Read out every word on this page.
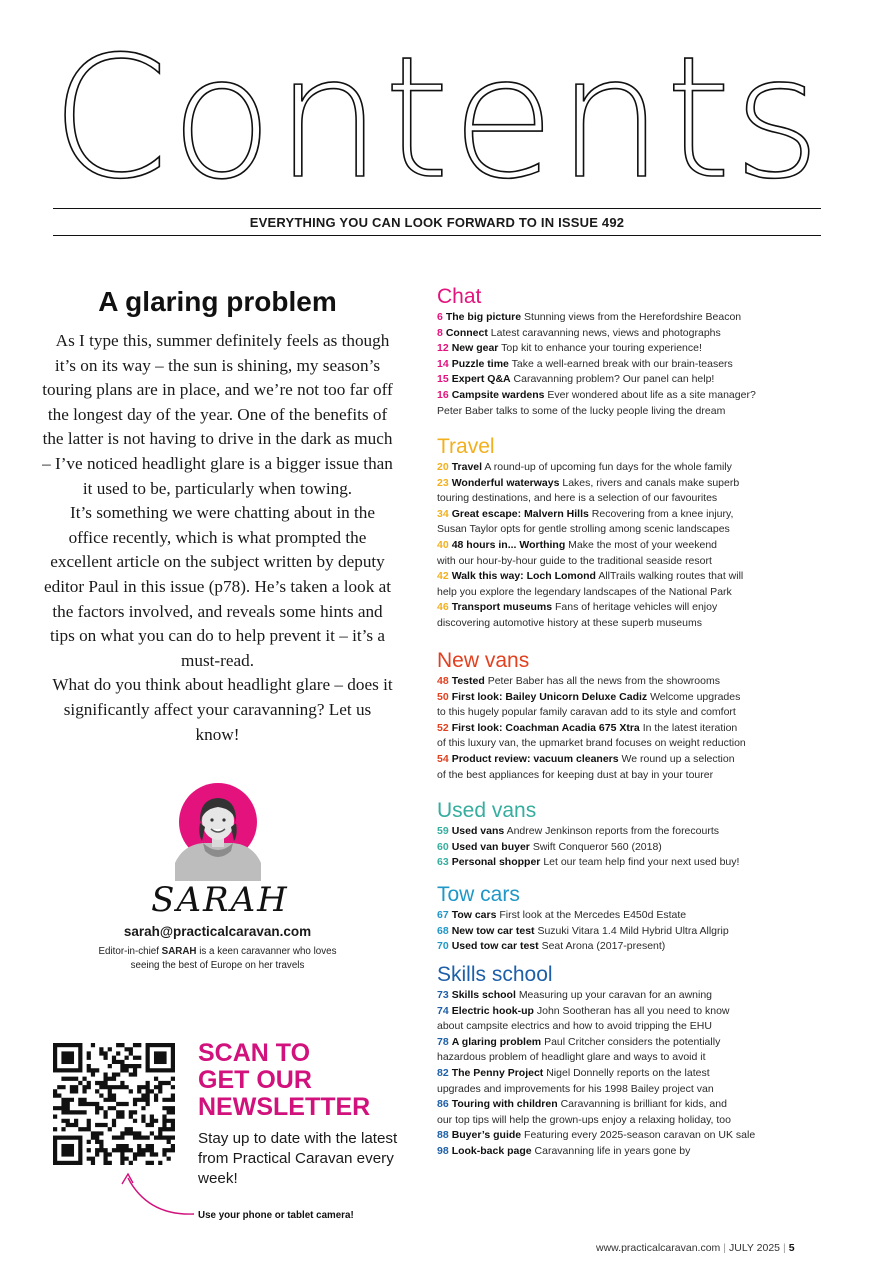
Contents
EVERYTHING YOU CAN LOOK FORWARD TO IN ISSUE 492
A glaring problem

As I type this, summer definitely feels as though it’s on its way – the sun is shining, my season’s touring plans are in place, and we’re not too far off the longest day of the year. One of the benefits of the latter is not having to drive in the dark as much – I’ve noticed headlight glare is a bigger issue than it used to be, particularly when towing.

It’s something we were chatting about in the office recently, which is what prompted the excellent article on the subject written by deputy editor Paul in this issue (p78). He’s taken a look at the factors involved, and reveals some hints and tips on what you can do to help prevent it – it’s a must-read.

What do you think about headlight glare – does it significantly affect your caravanning? Let us know!

SARAH
sarah@practicalcaravan.com
Editor-in-chief SARAH is a keen caravanner who loves seeing the best of Europe on her travels
SCAN TO
GET OUR
NEWSLETTER
Stay up to date with the latest from Practical Caravan every week!
Use your phone or tablet camera!
Chat
6 The big picture Stunning views from the Herefordshire Beacon
8 Connect Latest caravanning news, views and photographs
12 New gear Top kit to enhance your touring experience!
14 Puzzle time Take a well-earned break with our brain-teasers
15 Expert Q&A Caravanning problem? Our panel can help!
16 Campsite wardens Ever wondered about life as a site manager?
Peter Baber talks to some of the lucky people living the dream
Travel
20 Travel A round-up of upcoming fun days for the whole family
23 Wonderful waterways Lakes, rivers and canals make superb
touring destinations, and here is a selection of our favourites
34 Great escape: Malvern Hills Recovering from a knee injury,
Susan Taylor opts for gentle strolling among scenic landscapes
40 48 hours in... Worthing Make the most of your weekend
with our hour-by-hour guide to the traditional seaside resort
42 Walk this way: Loch Lomond AllTrails walking routes that will
help you explore the legendary landscapes of the National Park
46 Transport museums Fans of heritage vehicles will enjoy
discovering automotive history at these superb museums
New vans
48 Tested Peter Baber has all the news from the showrooms
50 First look: Bailey Unicorn Deluxe Cadiz Welcome upgrades
to this hugely popular family caravan add to its style and comfort
52 First look: Coachman Acadia 675 Xtra In the latest iteration
of this luxury van, the upmarket brand focuses on weight reduction
54 Product review: vacuum cleaners We round up a selection
of the best appliances for keeping dust at bay in your tourer
Used vans
59 Used vans Andrew Jenkinson reports from the forecourts
60 Used van buyer Swift Conqueror 560 (2018)
63 Personal shopper Let our team help find your next used buy!
Tow cars
67 Tow cars First look at the Mercedes E450d Estate
68 New tow car test Suzuki Vitara 1.4 Mild Hybrid Ultra Allgrip
70 Used tow car test Seat Arona (2017-present)
Skills school
73 Skills school Measuring up your caravan for an awning
74 Electric hook-up John Sootheran has all you need to know
about campsite electrics and how to avoid tripping the EHU
78 A glaring problem Paul Critcher considers the potentially
hazardous problem of headlight glare and ways to avoid it
82 The Penny Project Nigel Donnelly reports on the latest
upgrades and improvements for his 1998 Bailey project van
86 Touring with children Caravanning is brilliant for kids, and
our top tips will help the grown-ups enjoy a relaxing holiday, too
88 Buyer’s guide Featuring every 2025-season caravan on UK sale
98 Look-back page Caravanning life in years gone by
www.practicalcaravan.com | JULY 2025 | 5
